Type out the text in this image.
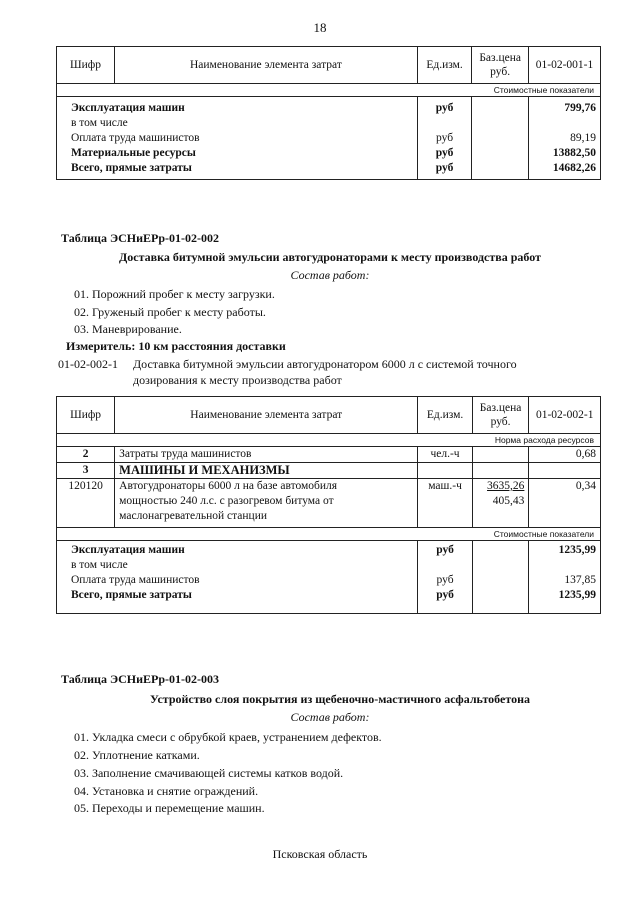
18
Шифр	Наименование элемента затрат	Ед.изм.	Баз.цена руб.	01-02-001-1
Стоимостные показатели				
Эксплуатация машин		руб		799,76
в том числе				
Оплата труда машинистов		руб		89,19
Материальные ресурсы		руб		13882,50
Всего, прямые затраты		руб		14682,26
Таблица ЭСНиЕРр-01-02-002
Доставка битумной эмульсии автогудронаторами к месту производства работ
Состав работ:
01. Порожний пробег к месту загрузки.
02. Груженый пробег к месту работы.
03. Маневрирование.
Измеритель: 10 км расстояния доставки
01-02-002-1 Доставка битумной эмульсии автогудронатором 6000 л с системой точного
дозирования к месту производства работ
Шифр	Наименование элемента затрат	Ед.изм.	Баз.цена руб.	01-02-002-1
Норма расхода ресурсов				
2	Затраты труда машинистов	чел.-ч		0,68
3	МАШИНЫ И МЕХАНИЗМЫ			
120120	Автогудронаторы 6000 л на базе автомобиля	маш.-ч	3635,26	0,34
	мощностью 240 л.с. с разогревом битума от		405,43	
	маслонагревательной станции			
Стоимостные показатели				
Эксплуатация машин		руб		1235,99
в том числе				
Оплата труда машинистов		руб		137,85
Всего, прямые затраты		руб		1235,99
Таблица ЭСНиЕРр-01-02-003
Устройство слоя покрытия из щебеночно-мастичного асфальтобетона
Состав работ:
01. Укладка смеси с обрубкой краев, устранением дефектов.
02. Уплотнение катками.
03. Заполнение смачивающей системы катков водой.
04. Установка и снятие ограждений.
05. Переходы и перемещение машин.
Псковская область
